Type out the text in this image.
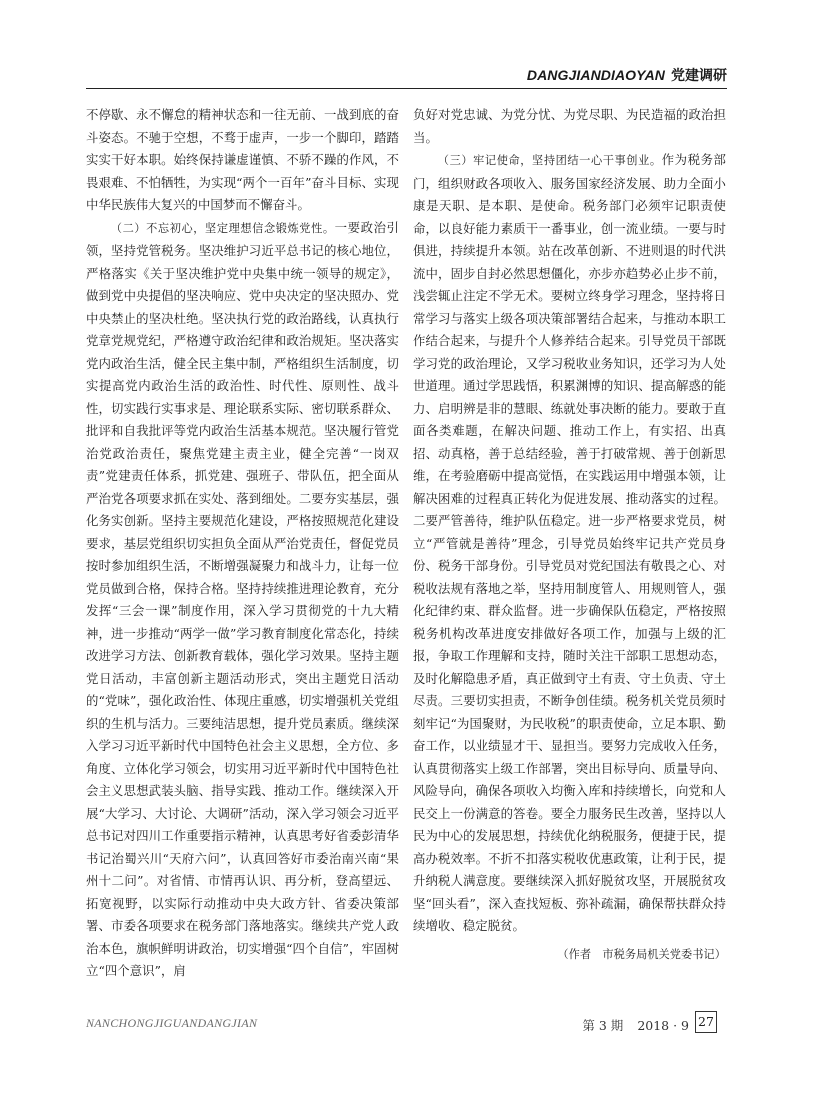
DANGJIANDIAOYAN 党建调研

不停歇、永不懈怠的精神状态和一往无前、一战到底的奋斗姿态。不驰于空想，不骛于虚声，一步一个脚印，踏踏实实干好本职。始终保持谦虚谨慎、不骄不躁的作风，不畏艰难、不怕牺牲，为实现“两个一百年”奋斗目标、实现中华民族伟大复兴的中国梦而不懈奋斗。

（二）不忘初心，坚定理想信念锻炼党性。一要政治引领，坚持党管税务。坚决维护习近平总书记的核心地位，严格落实《关于坚决维护党中央集中统一领导的规定》，做到党中央提倡的坚决响应、党中央决定的坚决照办、党中央禁止的坚决杜绝。坚决执行党的政治路线，认真执行党章党规党纪，严格遵守政治纪律和政治规矩。坚决落实党内政治生活，健全民主集中制，严格组织生活制度，切实提高党内政治生活的政治性、时代性、原则性、战斗性，切实践行实事求是、理论联系实际、密切联系群众、批评和自我批评等党内政治生活基本规范。坚决履行管党治党政治责任，聚焦党建主责主业，健全完善“一岗双责”党建责任体系，抓党建、强班子、带队伍，把全面从严治党各项要求抓在实处、落到细处。二要夯实基层，强化务实创新。坚持主要规范化建设，严格按照规范化建设要求，基层党组织切实担负全面从严治党责任，督促党员按时参加组织生活，不断增强凝聚力和战斗力，让每一位党员做到合格，保持合格。坚持持续推进理论教育，充分发挥“三会一课”制度作用，深入学习贯彻党的十九大精神，进一步推动“两学一做”学习教育制度化常态化，持续改进学习方法、创新教育载体，强化学习效果。坚持主题党日活动，丰富创新主题活动形式，突出主题党日活动的“党味”，强化政治性、体现庄重感，切实增强机关党组织的生机与活力。三要纯洁思想，提升党员素质。继续深入学习习近平新时代中国特色社会主义思想，全方位、多角度、立体化学习领会，切实用习近平新时代中国特色社会主义思想武装头脑、指导实践、推动工作。继续深入开展“大学习、大讨论、大调研”活动，深入学习领会习近平总书记对四川工作重要指示精神，认真思考好省委彭清华书记治蜀兴川“天府六问”，认真回答好市委治南兴南“果州十二问”。对省情、市情再认识、再分析，登高望远、拓宽视野，以实际行动推动中央大政方针、省委决策部署、市委各项要求在税务部门落地落实。继续共产党人政治本色，旗帜鲜明讲政治，切实增强“四个自信”，牢固树立“四个意识”，肩

负好对党忠诚、为党分忧、为党尽职、为民造福的政治担当。

（三）牢记使命，坚持团结一心干事创业。作为税务部门，组织财政各项收入、服务国家经济发展、助力全面小康是天职、是本职、是使命。税务部门必须牢记职责使命，以良好能力素质干一番事业，创一流业绩。一要与时俱进，持续提升本领。站在改革创新、不进则退的时代洪流中，固步自封必然思想僵化，亦步亦趋势必止步不前，浅尝辄止注定不学无术。要树立终身学习理念，坚持将日常学习与落实上级各项决策部署结合起来，与推动本职工作结合起来，与提升个人修养结合起来。引导党员干部既学习党的政治理论，又学习税收业务知识，还学习为人处世道理。通过学思践悟，积累渊博的知识、提高解惑的能力、启明辨是非的慧眼、练就处事决断的能力。要敢于直面各类难题，在解决问题、推动工作上，有实招、出真招、动真格，善于总结经验，善于打破常规、善于创新思维，在考验磨砺中提高觉悟，在实践运用中增强本领，让解决困难的过程真正转化为促进发展、推动落实的过程。二要严管善待，维护队伍稳定。进一步严格要求党员，树立“严管就是善待”理念，引导党员始终牢记共产党员身份、税务干部身份。引导党员对党纪国法有敬畏之心、对税收法规有落地之举，坚持用制度管人、用规则管人，强化纪律约束、群众监督。进一步确保队伍稳定，严格按照税务机构改革进度安排做好各项工作，加强与上级的汇报，争取工作理解和支持，随时关注干部职工思想动态，及时化解隐患矛盾，真正做到守土有责、守土负责、守土尽责。三要切实担责，不断争创佳绩。税务机关党员须时刻牢记“为国聚财，为民收税”的职责使命，立足本职、勤奋工作，以业绩显才干、显担当。要努力完成收入任务，认真贯彻落实上级工作部署，突出目标导向、质量导向、风险导向，确保各项收入均衡入库和持续增长，向党和人民交上一份满意的答卷。要全力服务民生改善，坚持以人民为中心的发展思想，持续优化纳税服务，便捷于民，提高办税效率。不折不扣落实税收优惠政策，让利于民，提升纳税人满意度。要继续深入抓好脱贫攻坚，开展脱贫攻坚“回头看”，深入查找短板、弥补疏漏，确保帮扶群众持续增收、稳定脱贫。

（作者　市税务局机关党委书记）

NANCHONGJIGUANDANGJIAN	第 3 期 2018 · 9 27
